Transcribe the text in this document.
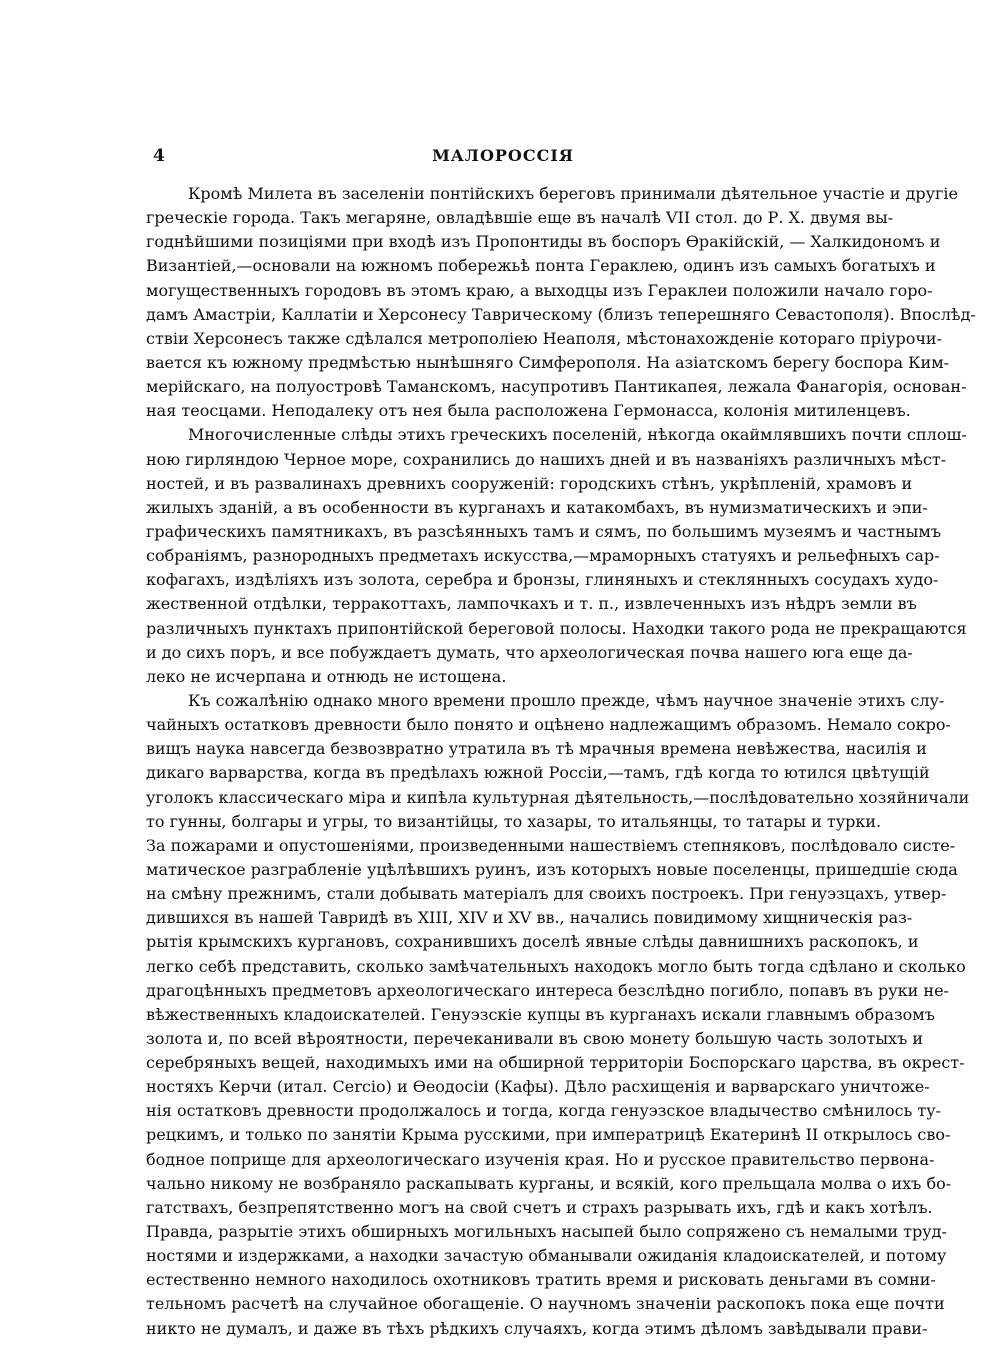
4	МАЛОРОССІЯ
Кромѣ Милета въ заселеніи понтійскихъ береговъ принимали дѣятельное участіе и другіе
греческіе города. Такъ мегаряне, овладѣвшіе еще въ началѣ VII стол. до Р. Х. двумя вы-
годнѣйшими позиціями при входѣ изъ Пропонтиды въ боспоръ Ѳракійскій, — Халкидономъ и
Византіей,—основали на южномъ побережьѣ понта Гераклею, одинъ изъ самыхъ богатыхъ и
могущественныхъ городовъ въ этомъ краю, а выходцы изъ Гераклеи положили начало горо-
дамъ Амастріи, Каллатіи и Херсонесу Таврическому (близъ теперешняго Севастополя). Впослѣд-
ствіи Херсонесъ также сдѣлался метрополіею Неаполя, мѣстонахожденіе котораго пріурочи-
вается къ южному предмѣстью нынѣшняго Симферополя. На азіатскомъ берегу боспора Ким-
мерійскаго, на полуостровѣ Таманскомъ, насупротивъ Пантикапея, лежала Фанагорія, основан-
ная теосцами. Неподалеку отъ нея была расположена Гермонасса, колонія митиленцевъ.
Многочисленные слѣды этихъ греческихъ поселеній, нѣкогда окаймлявшихъ почти сплош-
ною гирляндою Черное море, сохранились до нашихъ дней и въ названіяхъ различныхъ мѣст-
ностей, и въ развалинахъ древнихъ сооруженій: городскихъ стѣнъ, укрѣпленій, храмовъ и
жилыхъ зданій, а въ особенности въ курганахъ и катакомбахъ, въ нумизматическихъ и эпи-
графическихъ памятникахъ, въ разсѣянныхъ тамъ и сямъ, по большимъ музеямъ и частнымъ
собраніямъ, разнородныхъ предметахъ искусства,—мраморныхъ статуяхъ и рельефныхъ сар-
кофагахъ, издѣліяхъ изъ золота, серебра и бронзы, глиняныхъ и стеклянныхъ сосудахъ худо-
жественной отдѣлки, терракоттахъ, лампочкахъ и т. п., извлеченныхъ изъ нѣдръ земли въ
различныхъ пунктахъ припонтійской береговой полосы. Находки такого рода не прекращаются
и до сихъ поръ, и все побуждаетъ думать, что археологическая почва нашего юга еще да-
леко не исчерпана и отнюдь не истощена.
Къ сожалѣнію однако много времени прошло прежде, чѣмъ научное значеніе этихъ слу-
чайныхъ остатковъ древности было понято и оцѣнено надлежащимъ образомъ. Немало сокро-
вищъ наука навсегда безвозвратно утратила въ тѣ мрачныя времена невѣжества, насилія и
дикаго варварства, когда въ предѣлахъ южной Россіи,—тамъ, гдѣ когда то ютился цвѣтущій
уголокъ классическаго міра и кипѣла культурная дѣятельность,—послѣдовательно хозяйничали
то гунны, болгары и угры, то византійцы, то хазары, то итальянцы, то татары и турки.
За пожарами и опустошеніями, произведенными нашествіемъ степняковъ, послѣдовало систе-
матическое разграбленіе уцѣлѣвшихъ руинъ, изъ которыхъ новые поселенцы, пришедшіе сюда
на смѣну прежнимъ, стали добывать матеріалъ для своихъ построекъ. При генуэзцахъ, утвер-
дившихся въ нашей Тавридѣ въ XIII, XIV и XV вв., начались повидимому хищническія раз-
рытія крымскихъ кургановъ, сохранившихъ доселѣ явные слѣды давнишнихъ раскопокъ, и
легко себѣ представить, сколько замѣчательныхъ находокъ могло быть тогда сдѣлано и сколько
драгоцѣнныхъ предметовъ археологическаго интереса безслѣдно погибло, попавъ въ руки не-
вѣжественныхъ кладоискателей. Генуэзскіе купцы въ курганахъ искали главнымъ образомъ
золота и, по всей вѣроятности, перечеканивали въ свою монету большую часть золотыхъ и
серебряныхъ вещей, находимыхъ ими на обширной территоріи Боспорскаго царства, въ окрест-
ностяхъ Керчи (итал. Cercio) и Ѳеодосіи (Кафы). Дѣло расхищенія и варварскаго уничтоже-
нія остатковъ древности продолжалось и тогда, когда генуэзское владычество смѣнилось ту-
рецкимъ, и только по занятіи Крыма русскими, при императрицѣ Екатеринѣ II открылось сво-
бодное поприще для археологическаго изученія края. Но и русское правительство первона-
чально никому не возбраняло раскапывать курганы, и всякій, кого прельщала молва о ихъ бо-
гатствахъ, безпрепятственно могъ на свой счетъ и страхъ разрывать ихъ, гдѣ и какъ хотѣлъ.
Правда, разрытіе этихъ обширныхъ могильныхъ насыпей было сопряжено съ немалыми труд-
ностями и издержками, а находки зачастую обманывали ожиданія кладоискателей, и потому
естественно немного находилось охотниковъ тратить время и рисковать деньгами въ сомни-
тельномъ расчетѣ на случайное обогащеніе. О научномъ значеніи раскопокъ пока еще почти
никто не думалъ, и даже въ тѣхъ рѣдкихъ случаяхъ, когда этимъ дѣломъ завѣдывали прави-
